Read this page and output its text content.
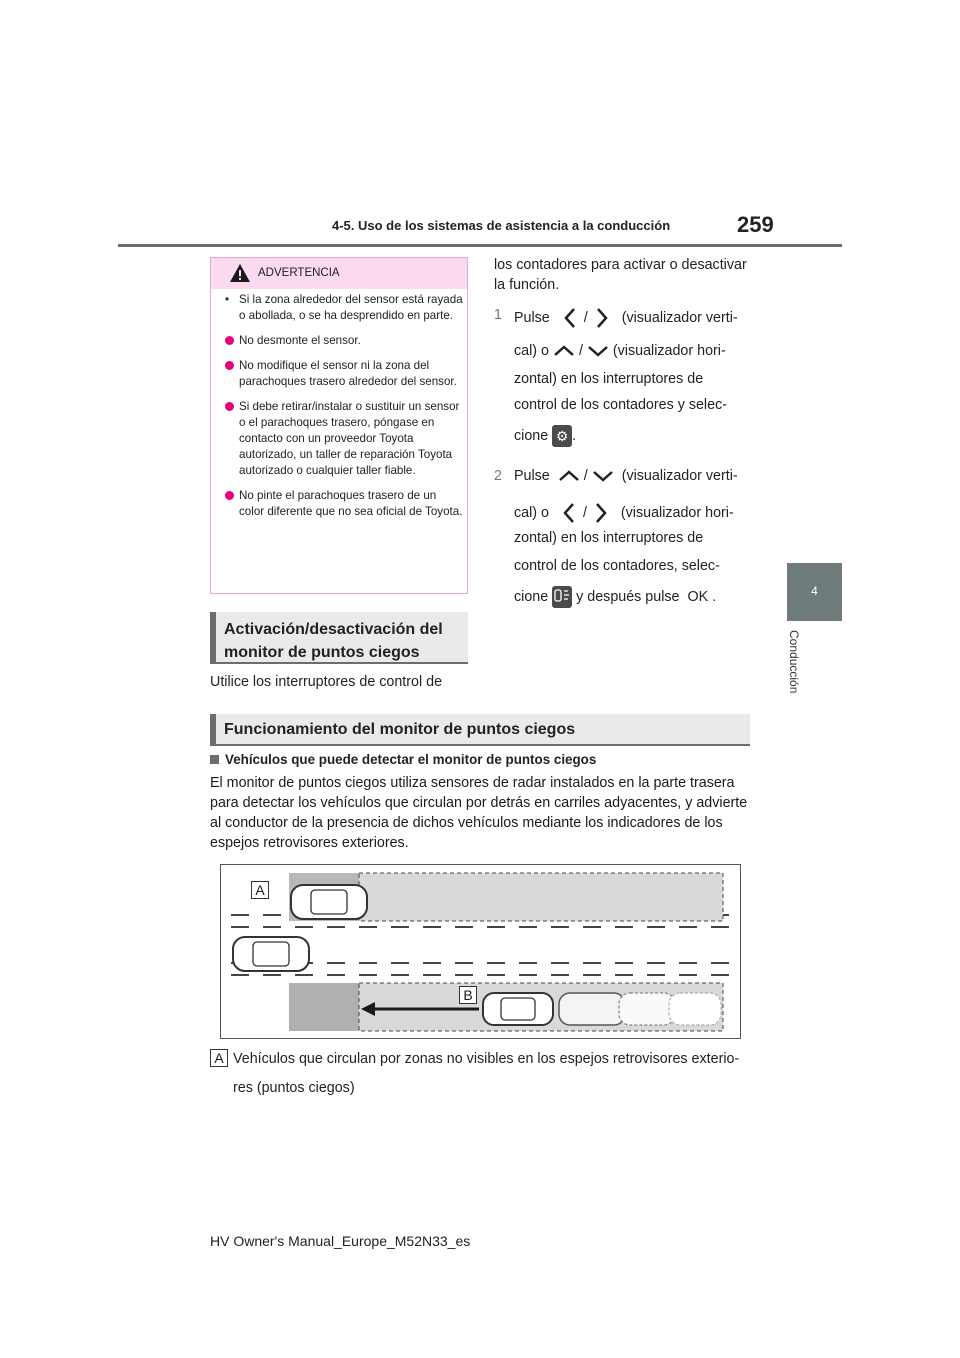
4-5. Uso de los sistemas de asistencia a la conducción	259
4
Conducción
ADVERTENCIA
• Si la zona alrededor del sensor está rayada o abollada, o se ha desprendido en parte.
No desmonte el sensor.
No modifique el sensor ni la zona del parachoques trasero alrededor del sensor.
Si debe retirar/instalar o sustituir un sensor o el parachoques trasero, póngase en contacto con un proveedor Toyota autorizado, un taller de reparación Toyota autorizado o cualquier taller fiable.
No pinte el parachoques trasero de un color diferente que no sea oficial de Toyota.
Activación/desactivación del
monitor de puntos ciegos
Utilice los interruptores de control de
los contadores para activar o desactivar la función.
1 Pulse / (visualizador verti-
cal) o / (visualizador hori-
zontal) en los interruptores de
control de los contadores y selec-
cione ⚙ .
2 Pulse / (visualizador verti-
cal) o / (visualizador hori-
zontal) en los interruptores de
control de los contadores, selec-
cione y después pulse OK .
Funcionamiento del monitor de puntos ciegos
Vehículos que puede detectar el monitor de puntos ciegos
El monitor de puntos ciegos utiliza sensores de radar instalados en la parte trasera para detectar los vehículos que circulan por detrás en carriles adyacentes, y advierte al conductor de la presencia de dichos vehículos mediante los indicadores de los espejos retrovisores exteriores.
A
B
A Vehículos que circulan por zonas no visibles en los espejos retrovisores exterio-
res (puntos ciegos)
HV Owner's Manual_Europe_M52N33_es
